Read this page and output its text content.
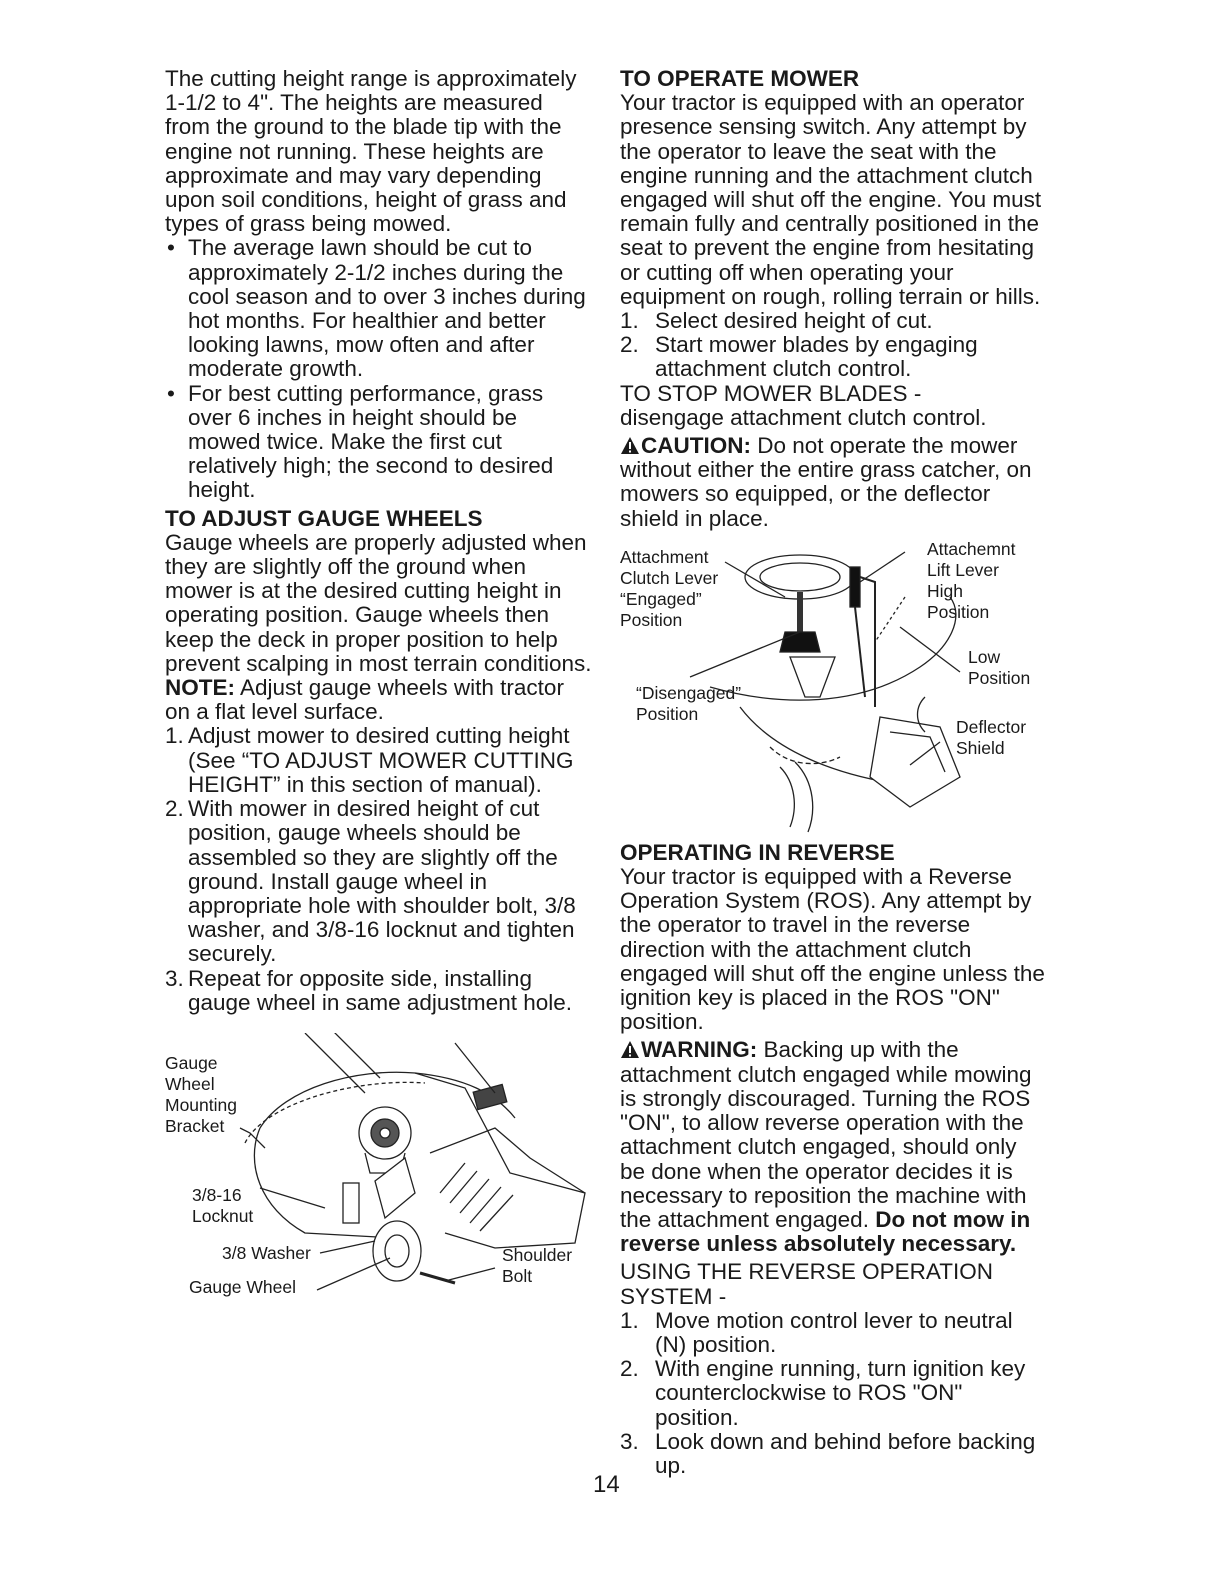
The cutting height range is approximately 1-1/2 to 4". The heights are measured from the ground to the blade tip with the engine not running. These heights are approximate and may vary depending upon soil conditions, height of grass and types of grass being mowed.

• The average lawn should be cut to approximately 2-1/2 inches during the cool season and to over 3 inches during hot months. For healthier and better looking lawns, mow often and after moderate growth.
• For best cutting performance, grass over 6 inches in height should be mowed twice. Make the first cut relatively high; the second to desired height.
TO ADJUST GAUGE WHEELS

Gauge wheels are properly adjusted when they are slightly off the ground when mower is at the desired cutting height in operating position. Gauge wheels then keep the deck in proper position to help prevent scalping in most terrain conditions.

NOTE: Adjust gauge wheels with tractor on a flat level surface.

1. Adjust mower to desired cutting height (See “TO ADJUST MOWER CUTTING HEIGHT” in this section of manual).
2. With mower in desired height of cut position, gauge wheels should be assembled so they are slightly off the ground. Install gauge wheel in appropriate hole with shoulder bolt, 3/8 washer, and 3/8-16 locknut and tighten securely.
3. Repeat for opposite side, installing gauge wheel in same adjustment hole.
Gauge
Wheel
Mounting
Bracket
3/8-16
Locknut
3/8 Washer
Gauge Wheel
Shoulder
Bolt
TO OPERATE MOWER

Your tractor is equipped with an operator presence sensing switch. Any attempt by the operator to leave the seat with the engine running and the attachment clutch engaged will shut off the engine. You must remain fully and centrally positioned in the seat to prevent the engine from hesitating or cutting off when operating your equipment on rough, rolling terrain or hills.

1. Select desired height of cut.
2. Start mower blades by engaging attachment clutch control.

TO STOP MOWER BLADES -

disengage attachment clutch control.

CAUTION: Do not operate the mower without either the entire grass catcher, on mowers so equipped, or the deflector shield in place.

Attachment
Clutch Lever
“Engaged”
Position
Attachemnt
Lift Lever
High
Position
Low
Position
“Disengaged”
Position
Deflector
Shield
OPERATING IN REVERSE

Your tractor is equipped with a Reverse Operation System (ROS). Any attempt by the operator to travel in the reverse direction with the attachment clutch engaged will shut off the engine unless the ignition key is placed in the ROS "ON" position.

WARNING: Backing up with the attachment clutch engaged while mowing is strongly discouraged. Turning the ROS "ON", to allow reverse operation with the attachment clutch engaged, should only be done when the operator decides it is necessary to reposition the machine with the attachment engaged. Do not mow in reverse unless absolutely necessary.

USING THE REVERSE OPERATION SYSTEM -

1. Move motion control lever to neutral (N) position.
2. With engine running, turn ignition key counterclockwise to ROS "ON" position.
3. Look down and behind before backing up.
14
